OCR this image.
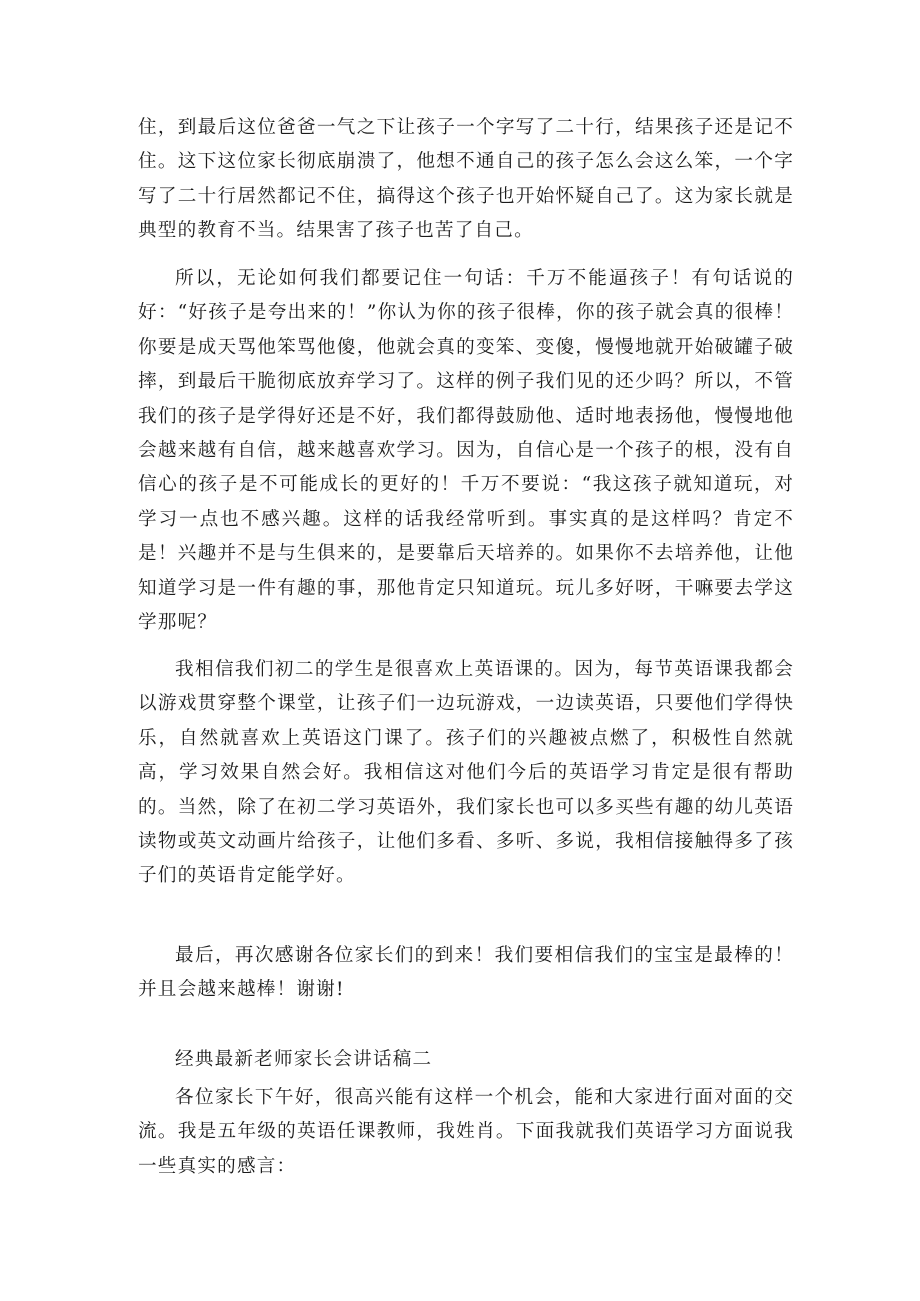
住，到最后这位爸爸一气之下让孩子一个字写了二十行，结果孩子还是记不住。这下这位家长彻底崩溃了，他想不通自己的孩子怎么会这么笨，一个字写了二十行居然都记不住，搞得这个孩子也开始怀疑自己了。这为家长就是典型的教育不当。结果害了孩子也苦了自己。

所以，无论如何我们都要记住一句话：千万不能逼孩子！有句话说的好：“好孩子是夸出来的！”你认为你的孩子很棒，你的孩子就会真的很棒！你要是成天骂他笨骂他傻，他就会真的变笨、变傻，慢慢地就开始破罐子破摔，到最后干脆彻底放弃学习了。这样的例子我们见的还少吗？所以，不管我们的孩子是学得好还是不好，我们都得鼓励他、适时地表扬他，慢慢地他会越来越有自信，越来越喜欢学习。因为，自信心是一个孩子的根，没有自信心的孩子是不可能成长的更好的！千万不要说：“我这孩子就知道玩，对学习一点也不感兴趣。这样的话我经常听到。事实真的是这样吗？肯定不是！兴趣并不是与生俱来的，是要靠后天培养的。如果你不去培养他，让他知道学习是一件有趣的事，那他肯定只知道玩。玩儿多好呀，干嘛要去学这学那呢？

我相信我们初二的学生是很喜欢上英语课的。因为，每节英语课我都会以游戏贯穿整个课堂，让孩子们一边玩游戏，一边读英语，只要他们学得快乐，自然就喜欢上英语这门课了。孩子们的兴趣被点燃了，积极性自然就高，学习效果自然会好。我相信这对他们今后的英语学习肯定是很有帮助的。当然，除了在初二学习英语外，我们家长也可以多买些有趣的幼儿英语读物或英文动画片给孩子，让他们多看、多听、多说，我相信接触得多了孩子们的英语肯定能学好。

最后，再次感谢各位家长们的到来！我们要相信我们的宝宝是最棒的！并且会越来越棒！谢谢!

经典最新老师家长会讲话稿二

各位家长下午好，很高兴能有这样一个机会，能和大家进行面对面的交流。我是五年级的英语任课教师，我姓肖。下面我就我们英语学习方面说我一些真实的感言：
